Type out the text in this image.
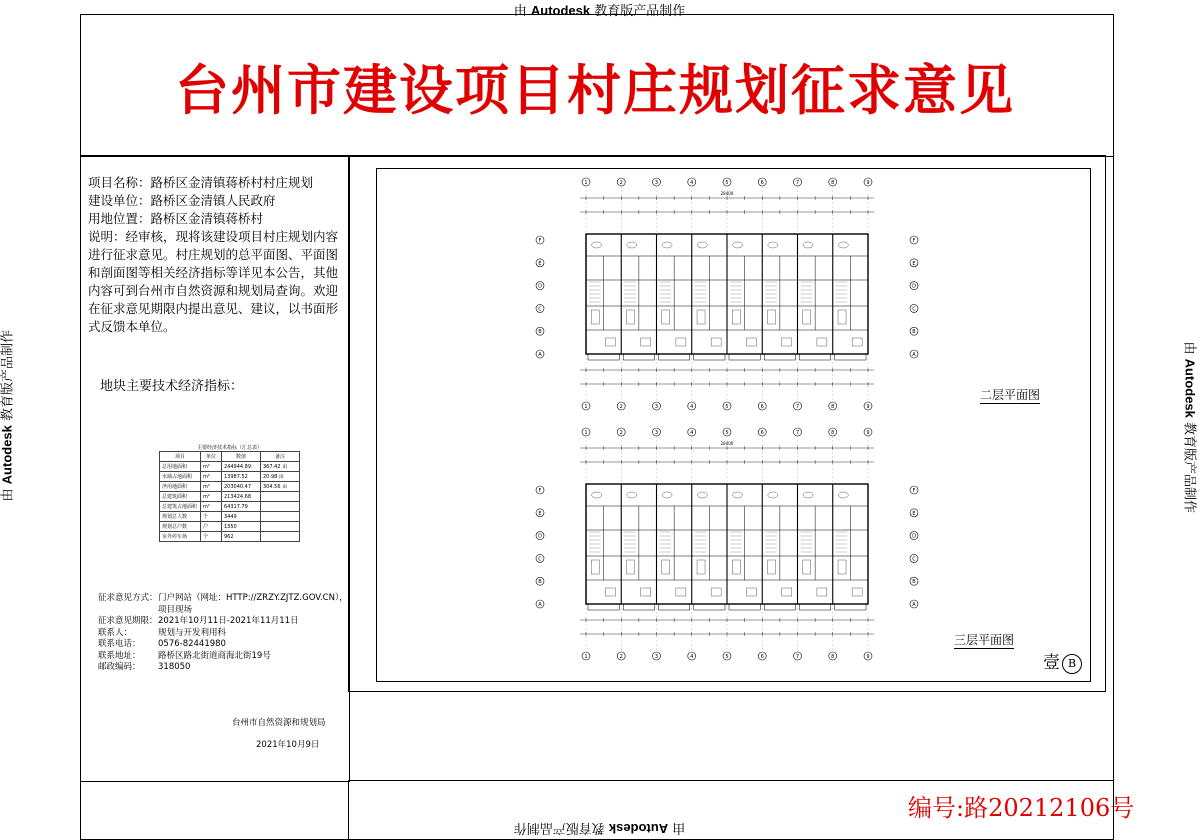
由 Autodesk 教育版产品制作
由 Autodesk 教育版产品制作
由 Autodesk 教育版产品制作	由 Autodesk 教育版产品制作
台州市建设项目村庄规划征求意见

项目名称：路桥区金清镇蒋桥村村庄规划

建设单位：路桥区金清镇人民政府

用地位置：路桥区金清镇蒋桥村

说明：经审核，现将该建设项目村庄规划内容进行征求意见。村庄规划的总平面图、平面图和剖面图等相关经济指标等详见本公告，其他内容可到台州市自然资源和规划局查询。欢迎在征求意见期限内提出意见、建议，以书面形式反馈本单位。

地块主要技术经济指标：
主要经济技术指标（汇总表）			
项目	单位	数值	备注
总用地面积	m²	244944.89	367.42 亩
水域占地面积	m²	13987.52	20.98 亩
净用地面积	m²	203040.47	304.56 亩
总建筑面积	m²	213424.68	
总建筑占地面积	m²	64317.79	
规划总人数	个	3449	
规划总户数	户	1350	
室外停车场	个	962	
征求意见方式： 门户网站（网址：HTTP://ZRZY.ZJTZ.GOV.CN），
项目现场
征求意见期限： 2021年10月11日-2021年11月11日
联系人：	规划与开发利用科
联系电话：	0576-82441980
联系地址：	路桥区路北街道商海北街19号
邮政编码：	318050
台州市自然资源和规划局
2021年10月9日
1
1
2
2
3
3
4
4
5
5
6
6
7
7
8
8
9
9
28400
F	F
E	E
D	D
C	C
B	B
A	A
1
1
2
2
3
3
4
4
5
5
6
6
7
7
8
8
9
9
28400
F	F
E	E
D	D
C	C
B	B
A	A
二层平面图
三层平面图
壹 B
编号:路20212106号
